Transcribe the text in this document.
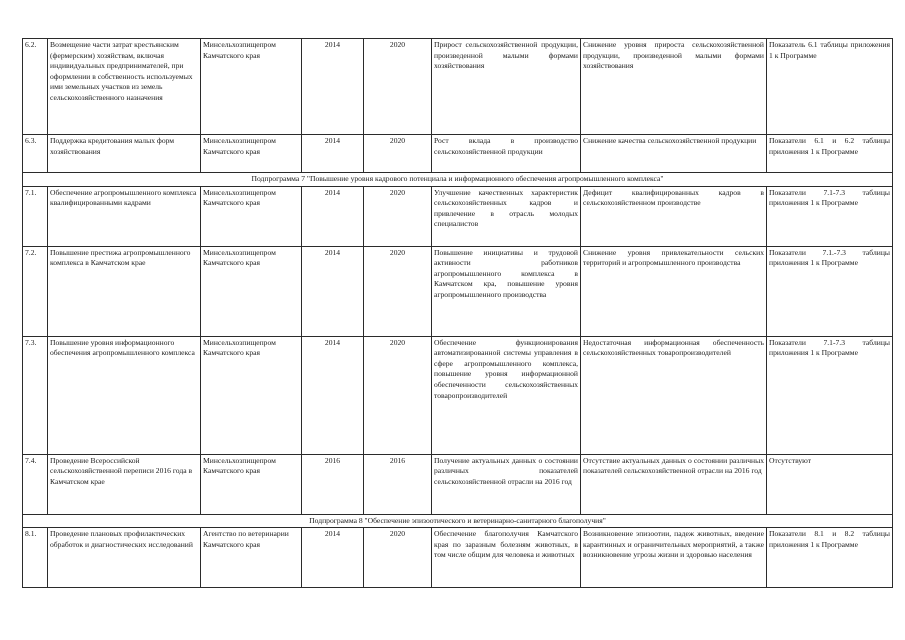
6.2.	Возмещение части затрат крестьянским (фермерским) хозяйствам, включая индивидуальных предпринимателей, при оформлении в собственность используемых ими земельных участков из земель сельскохозяйственного назначения	Минсельхозпищепром Камчатского края	2014	2020	Прирост сельскохозяйственной продукции, произведенной малыми формами хозяйствования	Снижение уровня прироста сельскохозяйственной продукции, произведенной малыми формами хозяйствования	Показатель 6.1 таблицы приложения 1 к Программе
6.3.	Поддержка кредитования малых форм хозяйствования	Минсельхозпищепром Камчатского края	2014	2020	Рост вклада в производство сельскохозяйственной продукции	Снижение качества сельскохозяйственной продукции	Показатели 6.1 и 6.2 таблицы приложения 1 к Программе
Подпрограмма 7 "Повышение уровня кадрового потенциала и информационного обеспечения агропромышленного комплекса"							
7.1.	Обеспечение агропромышленного комплекса квалифицированными кадрами	Минсельхозпищепром Камчатского края	2014	2020	Улучшение качественных характеристик сельскохозяйственных кадров и привлечение в отрасль молодых специалистов	Дефицит квалифицированных кадров в сельскохозяйственном производстве	Показатели 7.1-7.3 таблицы приложения 1 к Программе
7.2.	Повышение престижа агропромышленного комплекса в Камчатском крае	Минсельхозпищепром Камчатского края	2014	2020	Повышение инициативы и трудовой активности работников агропромышленного комплекса в Камчатском кра, повышение уровня агропромышленного производства	Снижение уровня привлекательности сельских территорий и агропромышленного производства	Показатели 7.1.-7.3 таблицы приложения 1 к Программе
7.3.	Повышение уровня информационного обеспечения агропромышленного комплекса	Минсельхозпищепром Камчатского края	2014	2020	Обеспечение функционирования автоматизированной системы управления в сфере агропромышленного комплекса, повышение уровня информационной обеспеченности сельскохозяйственных товаропроизводителей	Недостаточная информационная обеспеченность сельскохозяйственных товаропроизводителей	Показатели 7.1-7.3 таблицы приложения 1 к Программе
7.4.	Проведение Всероссийской сельскохозяйственной переписи 2016 года в Камчатском крае	Минсельхозпищепром Камчатского края	2016	2016	Получение актуальных данных о состоянии различных показателей сельскохозяйственной отрасли на 2016 год	Отсутствие актуальных данных о состоянии различных показателей сельскохозяйственной отрасли на 2016 год	Отсутствуют
Подпрограмма 8 "Обеспечение эпизоотического и ветеринарно-санитарного благополучия"							
8.1.	Проведение плановых профилактических обработок и диагностических исследований	Агентство по ветеринарии Камчатского края	2014	2020	Обеспечение благополучия Камчатского края по заразным болезням животных, в том числе общим для человека и животных	Возникновение эпизоотии, падеж животных, введение карантинных и ограничительных мероприятий, а также возникновение угрозы жизни и здоровью населения	Показатели 8.1 и 8.2 таблицы приложения 1 к Программе
